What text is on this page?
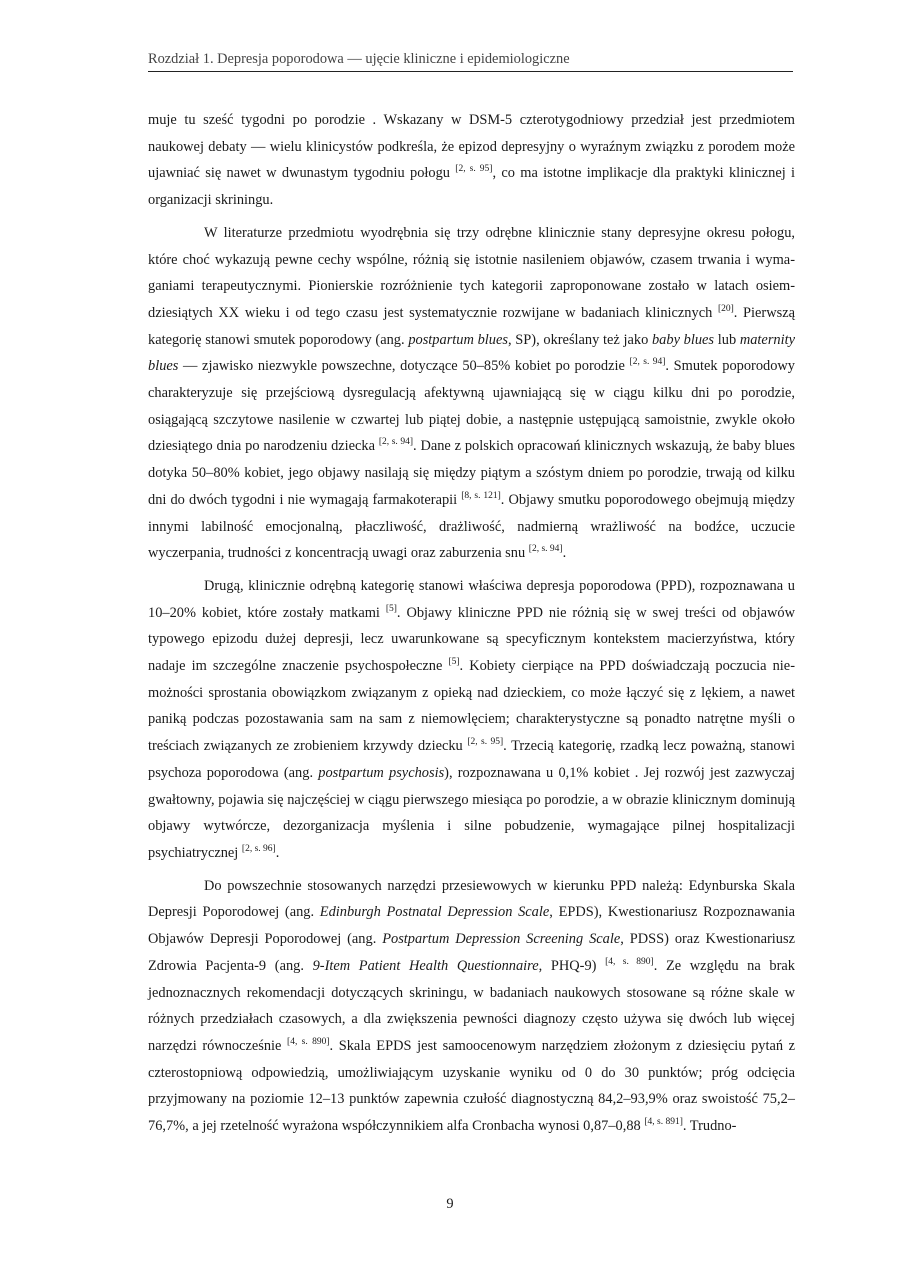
Rozdział 1. Depresja poporodowa — ujęcie kliniczne i epidemiologiczne

muje tu sześć tygodni po porodzie . Wskazany w DSM-5 czterotygodniowy przedział jest przedmiotem naukowej debaty — wielu klinicystów podkreśla, że epizod depresyjny o wyraźnym związku z porodem może ujawniać się nawet w dwunastym tygodniu połogu [2, s. 95], co ma istotne implikacje dla praktyki klinicznej i organizacji skriningu.

W literaturze przedmiotu wyodrębnia się trzy odrębne klinicznie stany depresyjne okresu połogu, które choć wykazują pewne cechy wspólne, różnią się istotnie nasileniem objawów, czasem trwania i wymaganiami terapeutycznymi. Pionierskie rozróżnienie tych kategorii zaproponowane zostało w latach osiemdziesiątych XX wieku i od tego czasu jest systematycznie rozwijane w badaniach klinicznych [20]. Pierwszą kategorię stanowi smutek poporodowy (ang. postpartum blues, SP), określany też jako baby blues lub maternity blues — zjawisko niezwykle powszechne, dotyczące 50–85% kobiet po porodzie [2, s. 94]. Smutek poporodowy charakteryzuje się przejściową dysregulacją afektywną ujawniającą się w ciągu kilku dni po porodzie, osiągającą szczytowe nasilenie w czwartej lub piątej dobie, a następnie ustępującą samoistnie, zwykle około dziesiątego dnia po narodzeniu dziecka [2, s. 94]. Dane z polskich opracowań klinicznych wskazują, że baby blues dotyka 50–80% kobiet, jego objawy nasilają się między piątym a szóstym dniem po porodzie, trwają od kilku dni do dwóch tygodni i nie wymagają farmakoterapii [8, s. 121]. Objawy smutku poporodowego obejmują między innymi labilność emocjonalną, płaczliwość, drażliwość, nadmierną wrażliwość na bodźce, uczucie wyczerpania, trudności z koncentracją uwagi oraz zaburzenia snu [2, s. 94].

Drugą, klinicznie odrębną kategorię stanowi właściwa depresja poporodowa (PPD), rozpoznawana u 10–20% kobiet, które zostały matkami [5]. Objawy kliniczne PPD nie różnią się w swej treści od objawów typowego epizodu dużej depresji, lecz uwarunkowane są specyficznym kontekstem macierzyństwa, który nadaje im szczególne znaczenie psychospołeczne [5]. Kobiety cierpiące na PPD doświadczają poczucia niemożności sprostania obowiązkom związanym z opieką nad dzieckiem, co może łączyć się z lękiem, a nawet paniką podczas pozostawania sam na sam z niemowlęciem; charakterystyczne są ponadto natrętne myśli o treściach związanych ze zrobieniem krzywdy dziecku [2, s. 95]. Trzecią kategorię, rzadką lecz poważną, stanowi psychoza poporodowa (ang. postpartum psychosis), rozpoznawana u 0,1% kobiet . Jej rozwój jest zazwyczaj gwałtowny, pojawia się najczęściej w ciągu pierwszego miesiąca po porodzie, a w obrazie klinicznym dominują objawy wytwórcze, dezorganizacja myślenia i silne pobudzenie, wymagające pilnej hospitalizacji psychiatrycznej [2, s. 96].

Do powszechnie stosowanych narzędzi przesiewowych w kierunku PPD należą: Edynburska Skala Depresji Poporodowej (ang. Edinburgh Postnatal Depression Scale, EPDS), Kwestionariusz Rozpoznawania Objawów Depresji Poporodowej (ang. Postpartum Depression Screening Scale, PDSS) oraz Kwestionariusz Zdrowia Pacjenta-9 (ang. 9-Item Patient Health Questionnaire, PHQ-9) [4, s. 890]. Ze względu na brak jednoznacznych rekomendacji dotyczących skriningu, w badaniach naukowych stosowane są różne skale w różnych przedziałach czasowych, a dla zwiększenia pewności diagnozy często używa się dwóch lub więcej narzędzi równocześnie [4, s. 890]. Skala EPDS jest samoocenowym narzędziem złożonym z dziesięciu pytań z czterostopniową odpowiedzią, umożliwiającym uzyskanie wyniku od 0 do 30 punktów; próg odcięcia przyjmowany na poziomie 12–13 punktów zapewnia czułość diagnostyczną 84,2–93,9% oraz swoistość 75,2–76,7%, a jej rzetelność wyrażona współczynnikiem alfa Cronbacha wynosi 0,87–0,88 [4, s. 891]. Trudno-

9
